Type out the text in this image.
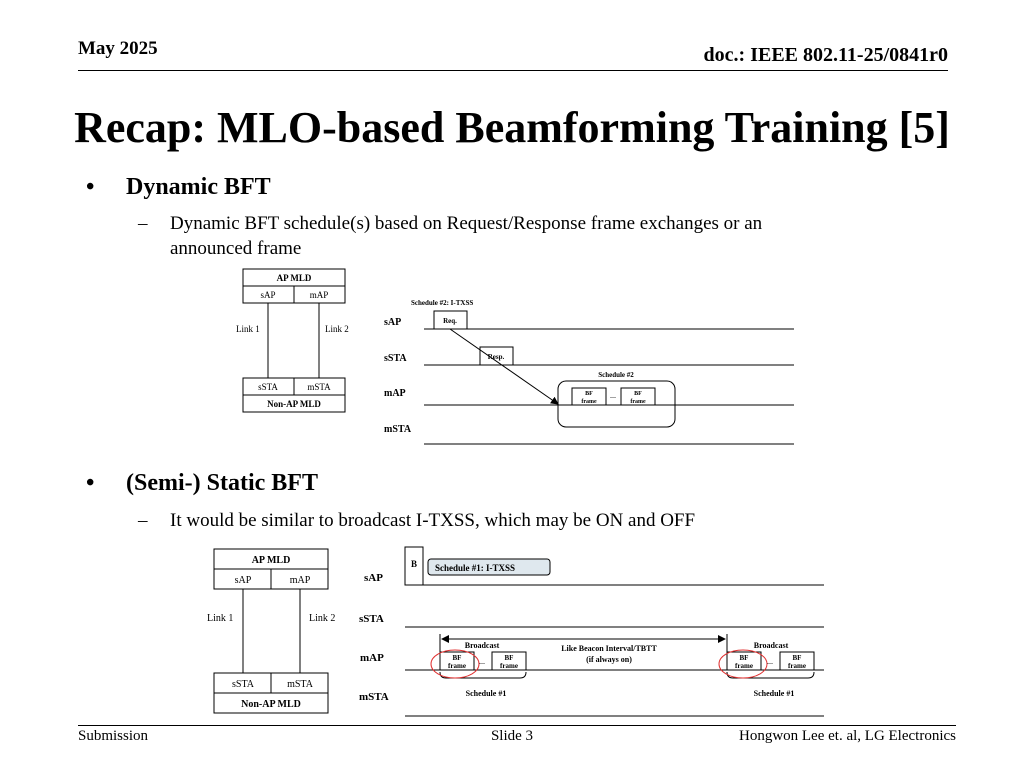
May 2025	doc.: IEEE 802.11-25/0841r0
Recap: MLO-based Beamforming Training [5]
• Dynamic BFT
– Dynamic BFT schedule(s) based on Request/Response frame exchanges or an
announced frame
AP MLD
sAP	mAP
Link 1	Link 2
sSTA	mSTA
Non-AP MLD
Schedule #2: I-TXSS
sAP
sSTA
mAP
mSTA
Req.
Resp.
Schedule #2
BF
frame
...	BF
frame
• (Semi-) Static BFT
– It would be similar to broadcast I-TXSS, which may be ON and OFF
AP MLD
sAP	mAP
Link 1	Link 2
sSTA	mSTA
Non-AP MLD
sAP
sSTA
mAP
mSTA
B Schedule #1: I-TXSS
Like Beacon Interval/TBTT
(if always on)
Broadcast
BF
frame ...	BF
frame
Schedule #1
Broadcast
BF
frame ...	BF
frame
Schedule #1
Submission	Slide 3	Hongwon Lee et. al, LG Electronics
